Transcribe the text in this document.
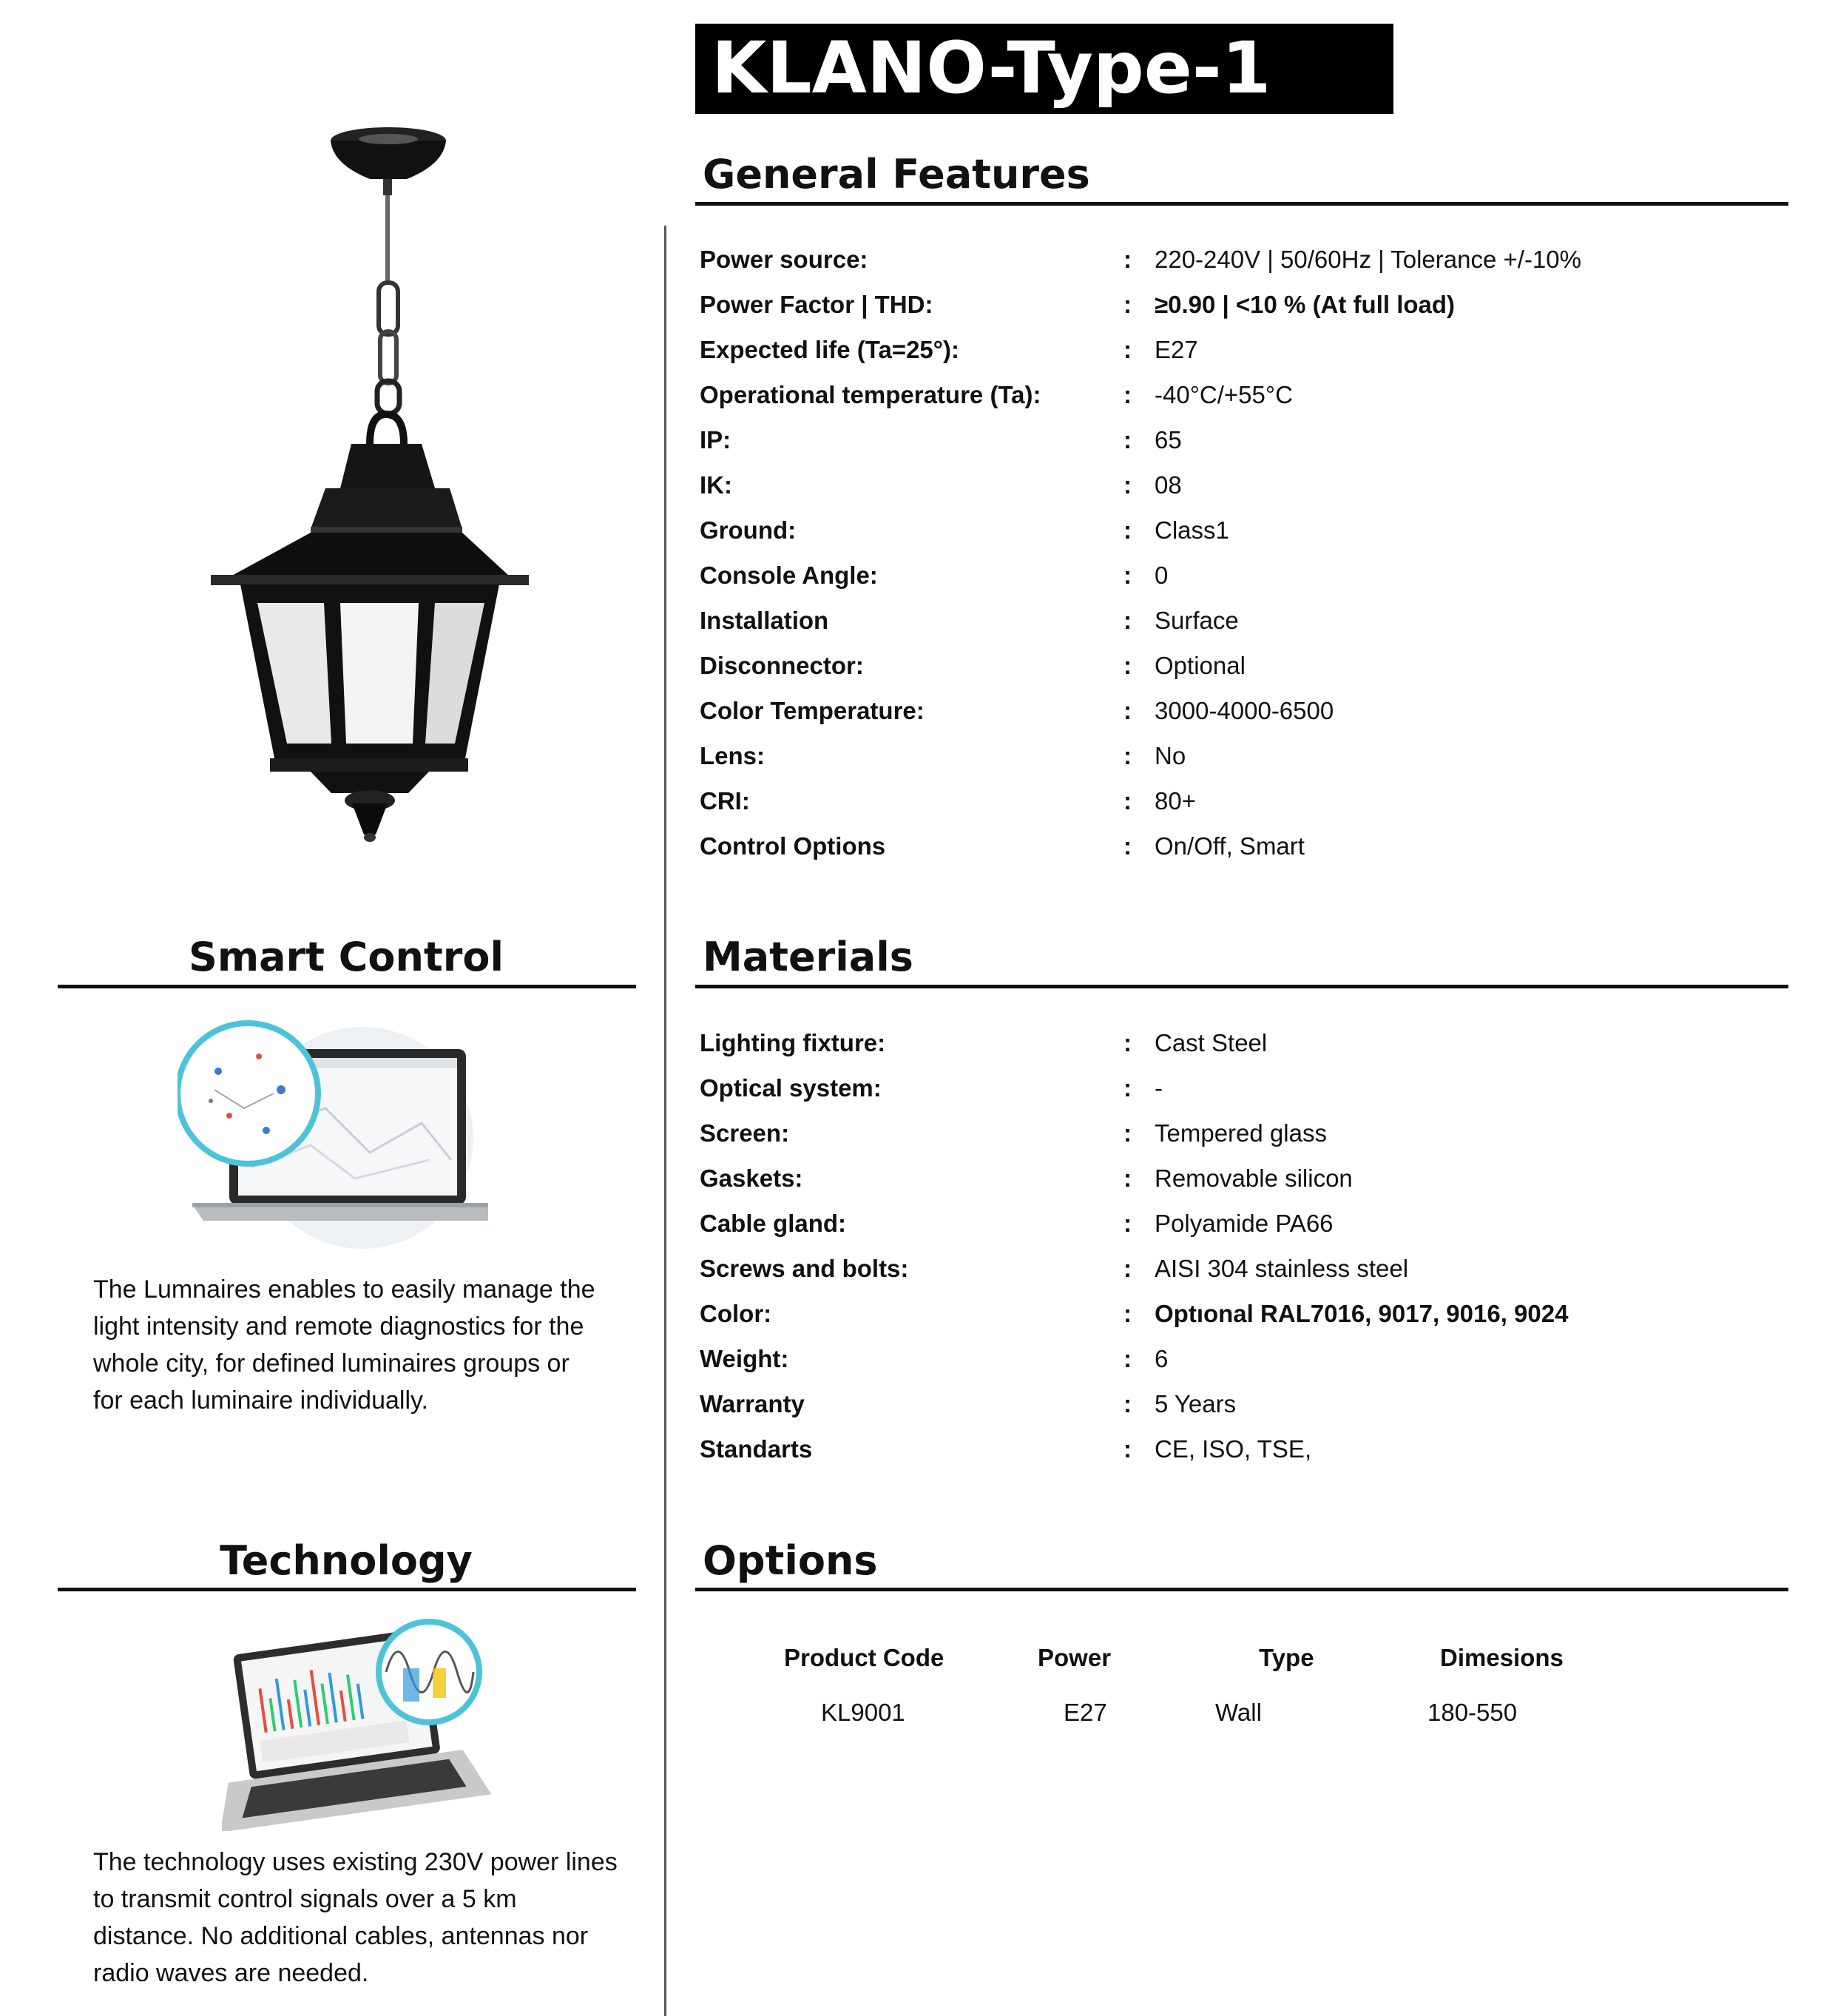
KLANO-Type-1
General Features
Power source:	: 220-240V | 50/60Hz | Tolerance +/-10%
Power Factor | THD:	: ≥0.90 | <10 % (At full load)
Expected life (Ta=25°):	: E27
Operational temperature (Ta):	: -40°C/+55°C
IP:	: 65
IK:	: 08
Ground:	: Class1
Console Angle:	: 0
Installation	: Surface
Disconnector:	: Optional
Color Temperature:	: 3000-4000-6500
Lens:	: No
CRI:	: 80+
Control Options	: On/Off, Smart
Materials
Lighting fixture:	: Cast Steel
Optical system:	: -
Screen:	: Tempered glass
Gaskets:	: Removable silicon
Cable gland:	: Polyamide PA66
Screws and bolts:	: AISI 304 stainless steel
Color:	: Optıonal RAL7016, 9017, 9016, 9024
Weight:	: 6
Warranty	: 5 Years
Standarts	: CE, ISO, TSE,
Options
Product Code	Power	Type	Dimesions
KL9001	E27	Wall	180-550
Smart Control
The Lumnaires enables to easily manage the
light intensity and remote diagnostics for the
whole city, for defined luminaires groups or
for each luminaire individually.
Technology
The technology uses existing 230V power lines
to transmit control signals over a 5 km
distance. No additional cables, antennas nor
radio waves are needed.
